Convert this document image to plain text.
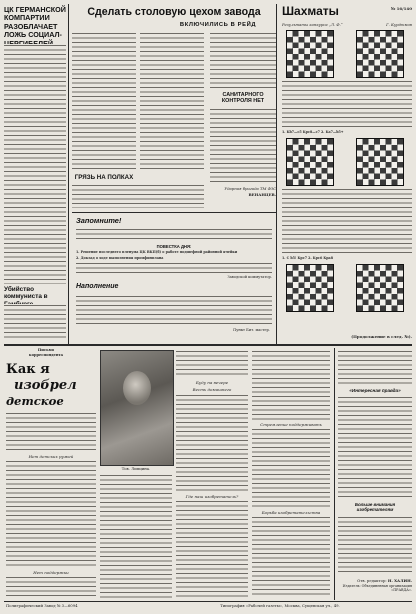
ЦК ГЕРМАНСКОЙ КОМПАРТИИ РАЗОБЛАЧАЕТ ЛОЖЬ СОЦИАЛ-
Убийство коммуниста в
Сделать столовую цехом завода
ВКЛЮЧИЛИСЬ В РЕЙД
САНИТАРНОГО КОНТРОЛЯ НЕТ
ГРЯЗЬ НА ПОЛКАХ
Ударная бригада ТМ ФЗС
ВЕНАНЦЕВ.
Запомните!
ПОВЕСТКА ДНЯ:
1. Решение последнего пленума ЦК ВКП(б) о работе подшефной районной ячейки
2. Доклад о ходе выполнения промфинплана
Заводской коммутатор.
Наполнение
Пункт Бит. мастер.
Шахматы	№ 16/140
Результаты конкурса „Л. Ф.“	Г. Курдюмов
1. Kb7—c5 Kpc8—c7 2. Ka7—b5+
1. C b5! Kpc7 2. Kpc6 Kpa8
(Продолжение в след. №).
Письмо корреспондента
Как я
изобрел
детское
Тов. Липцина.
Нет детских ружей
Нет поддержки
Буду на вечере
Весть домашнего
Где наш изобретатель?
Стремление поддерживать
Борьба изобретательства
«Интересная правда»
Больше внимания изобретателям
Отв. редактор: Н. ХАЛИН.
Издатель: Объединенная организация «ПРАВДА».
Полиграфический Завод № 3—6094	Типография «Рабочей газеты», Москва, Сущевская ул., 49.
